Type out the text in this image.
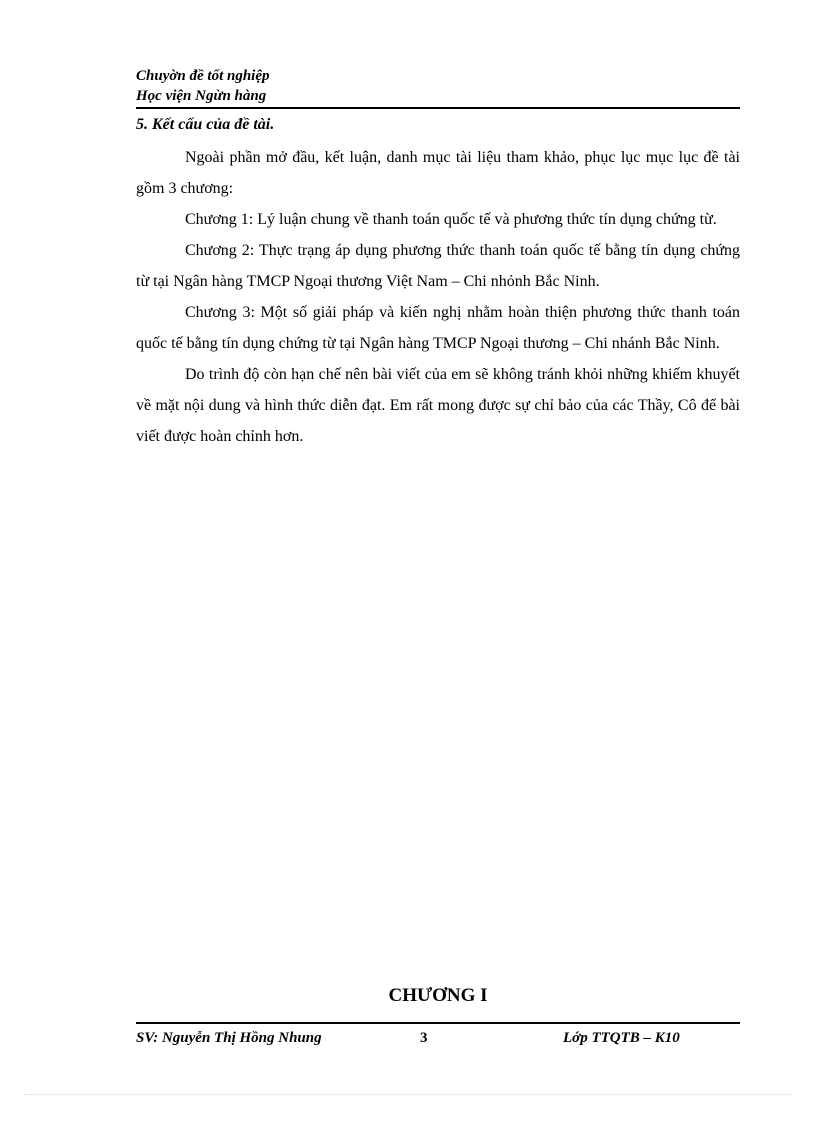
Chuyờn đề tốt nghiệp
Học viện Ngừn hàng
5. Kết cấu của đề tài.

Ngoài phần mở đầu, kết luận, danh mục tài liệu tham khảo, phục lục mục lục đề tài gồm 3 chương:

Chương 1: Lý luận chung về thanh toán quốc tế và phương thức tín dụng chứng từ.

Chương 2: Thực trạng áp dụng phương thức thanh toán quốc tế bằng tín dụng chứng từ tại Ngân hàng TMCP Ngoại thương Việt Nam – Chi nhỏnh Bắc Ninh.

Chương 3: Một số giải pháp và kiến nghị nhằm hoàn thiện phương thức thanh toán quốc tế bằng tín dụng chứng từ tại Ngân hàng TMCP Ngoại thương – Chi nhánh Bắc Ninh.

Do trình độ còn hạn chế nên bài viết của em sẽ không tránh khỏi những khiếm khuyết về mặt nội dung và hình thức diễn đạt. Em rất mong được sự chỉ bảo của các Thầy, Cô để bài viết được hoàn chỉnh hơn.

CHƯƠNG I
SV: Nguyễn Thị Hồng Nhung	3	Lớp TTQTB – K10
